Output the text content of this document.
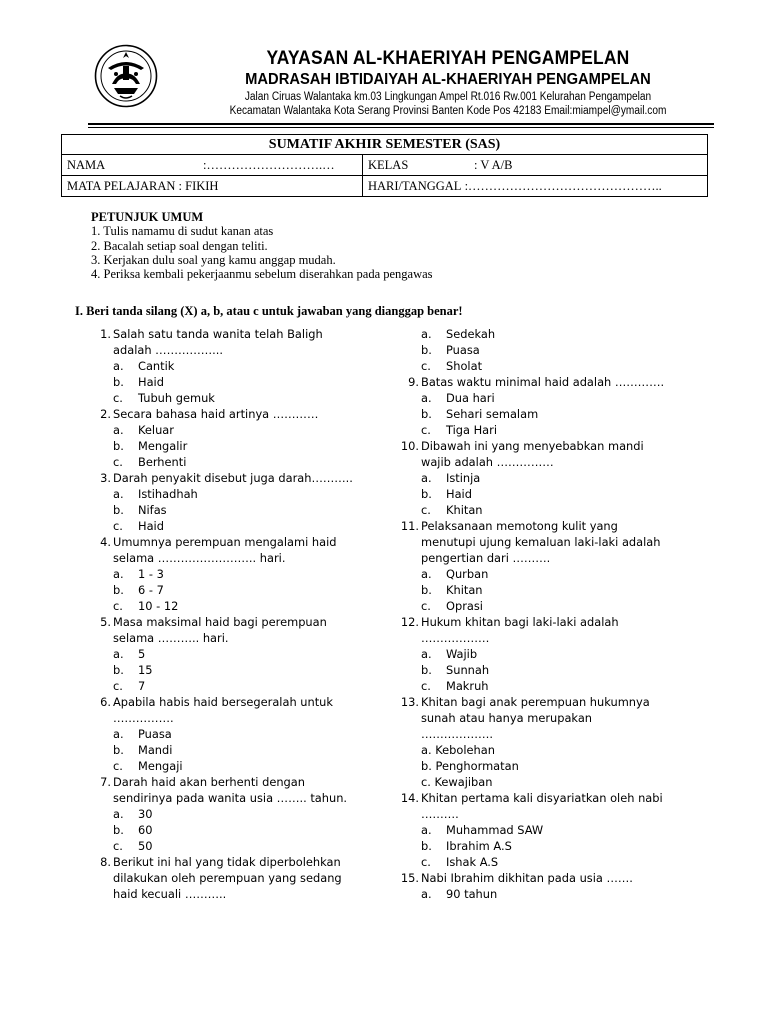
YAYASAN AL-KHAERIYAH PENGAMPELAN
MADRASAH IBTIDAIYAH AL-KHAERIYAH PENGAMPELAN
Jalan Ciruas Walantaka km.03 Lingkungan Ampel Rt.016 Rw.001 Kelurahan Pengampelan
Kecamatan Walantaka Kota Serang Provinsi Banten Kode Pos 42183 Email:miampel@ymail.com
SUMATIF AKHIR SEMESTER (SAS)	
NAMA :……………………….…	KELAS : V A/B
MATA PELAJARAN : FIKIH	HARI/TANGGAL :………………………………………..
PETUNJUK UMUM
1. Tulis namamu di sudut kanan atas
2. Bacalah setiap soal dengan teliti.
3. Kerjakan dulu soal yang kamu anggap mudah.
4. Periksa kembali pekerjaanmu sebelum diserahkan pada pengawas
I. Beri tanda silang (X) a, b, atau c untuk jawaban yang dianggap benar!
1. Salah satu tanda wanita telah Baligh
adalah ……………...
a. Cantik
b. Haid
c. Tubuh gemuk
2. Secara bahasa haid artinya …………
a. Keluar
b. Mengalir
c. Berhenti
3. Darah penyakit disebut juga darah………..
a. Istihadhah
b. Nifas
c. Haid
4. Umumnya perempuan mengalami haid
selama …………………….. hari.
a. 1 - 3
b. 6 - 7
c. 10 - 12
5. Masa maksimal haid bagi perempuan
selama ……….. hari.
a. 5
b. 15
c. 7
6. Apabila habis haid bersegeralah untuk
…………….
a. Puasa
b. Mandi
c. Mengaji
7. Darah haid akan berhenti dengan
sendirinya pada wanita usia …….. tahun.
a. 30
b. 60
c. 50
8. Berikut ini hal yang tidak diperbolehkan
dilakukan oleh perempuan yang sedang
haid kecuali ………..
a. Sedekah
b. Puasa
c. Sholat
9. Batas waktu minimal haid adalah ………….
a. Dua hari
b. Sehari semalam
c. Tiga Hari
10. Dibawah ini yang menyebabkan mandi
wajib adalah ……………
a. Istinja
b. Haid
c. Khitan
11. Pelaksanaan memotong kulit yang
menutupi ujung kemaluan laki-laki adalah
pengertian dari ……….
a. Qurban
b. Khitan
c. Oprasi
12. Hukum khitan bagi laki-laki adalah
………………
a. Wajib
b. Sunnah
c. Makruh
13. Khitan bagi anak perempuan hukumnya
sunah atau hanya merupakan
……………….
a. Kebolehan
b. Penghormatan
c. Kewajiban
14. Khitan pertama kali disyariatkan oleh nabi
……….
a. Muhammad SAW
b. Ibrahim A.S
c. Ishak A.S
15. Nabi Ibrahim dikhitan pada usia …….
a. 90 tahun
